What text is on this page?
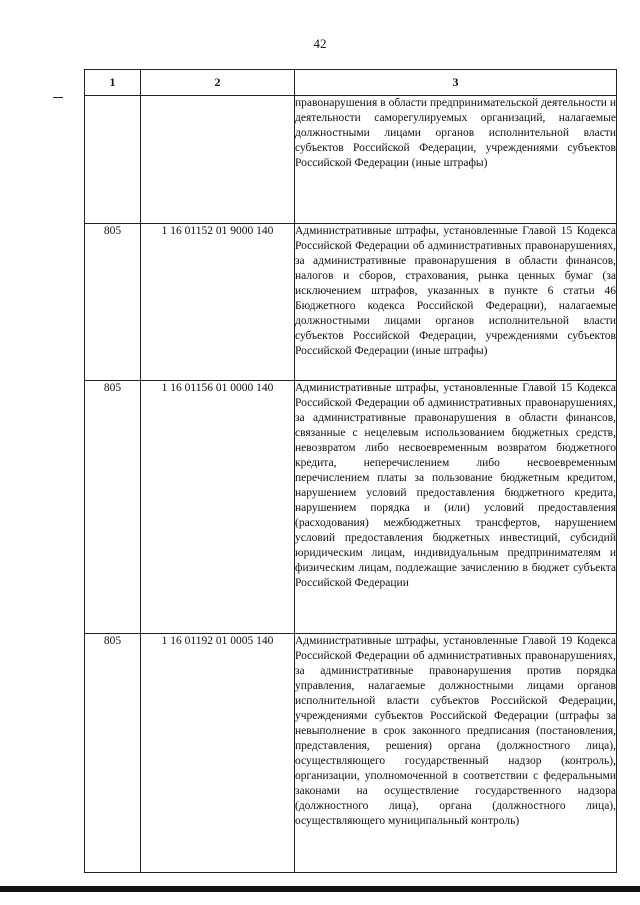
42
1	2	3
		правонарушения в области предпринимательской деятельности и деятельности саморегулируемых организаций, налагаемые должностными лицами органов исполнительной власти субъектов Российской Федерации, учреждениями субъектов Российской Федерации (иные штрафы)
805	1 16 01152 01 9000 140	Административные штрафы, установленные Главой 15 Кодекса Российской Федерации об административных правонарушениях, за административные правонарушения в области финансов, налогов и сборов, страхования, рынка ценных бумаг (за исключением штрафов, указанных в пункте 6 статьи 46 Бюджетного кодекса Российской Федерации), налагаемые должностными лицами органов исполнительной власти субъектов Российской Федерации, учреждениями субъектов Российской Федерации (иные штрафы)
805	1 16 01156 01 0000 140	Административные штрафы, установленные Главой 15 Кодекса Российской Федерации об административных правонарушениях, за административные правонарушения в области финансов, связанные с нецелевым использованием бюджетных средств, невозвратом либо несвоевременным возвратом бюджетного кредита, неперечислением либо несвоевременным перечислением платы за пользование бюджетным кредитом, нарушением условий предоставления бюджетного кредита, нарушением порядка и (или) условий предоставления (расходования) межбюджетных трансфертов, нарушением условий предоставления бюджетных инвестиций, субсидий юридическим лицам, индивидуальным предпринимателям и физическим лицам, подлежащие зачислению в бюджет субъекта Российской Федерации
805	1 16 01192 01 0005 140	Административные штрафы, установленные Главой 19 Кодекса Российской Федерации об административных правонарушениях, за административные правонарушения против порядка управления, налагаемые должностными лицами органов исполнительной власти субъектов Российской Федерации, учреждениями субъектов Российской Федерации (штрафы за невыполнение в срок законного предписания (постановления, представления, решения) органа (должностного лица), осуществляющего государственный надзор (контроль), организации, уполномоченной в соответствии с федеральными законами на осуществление государственного надзора (должностного лица), органа (должностного лица), осуществляющего муниципальный контроль)
